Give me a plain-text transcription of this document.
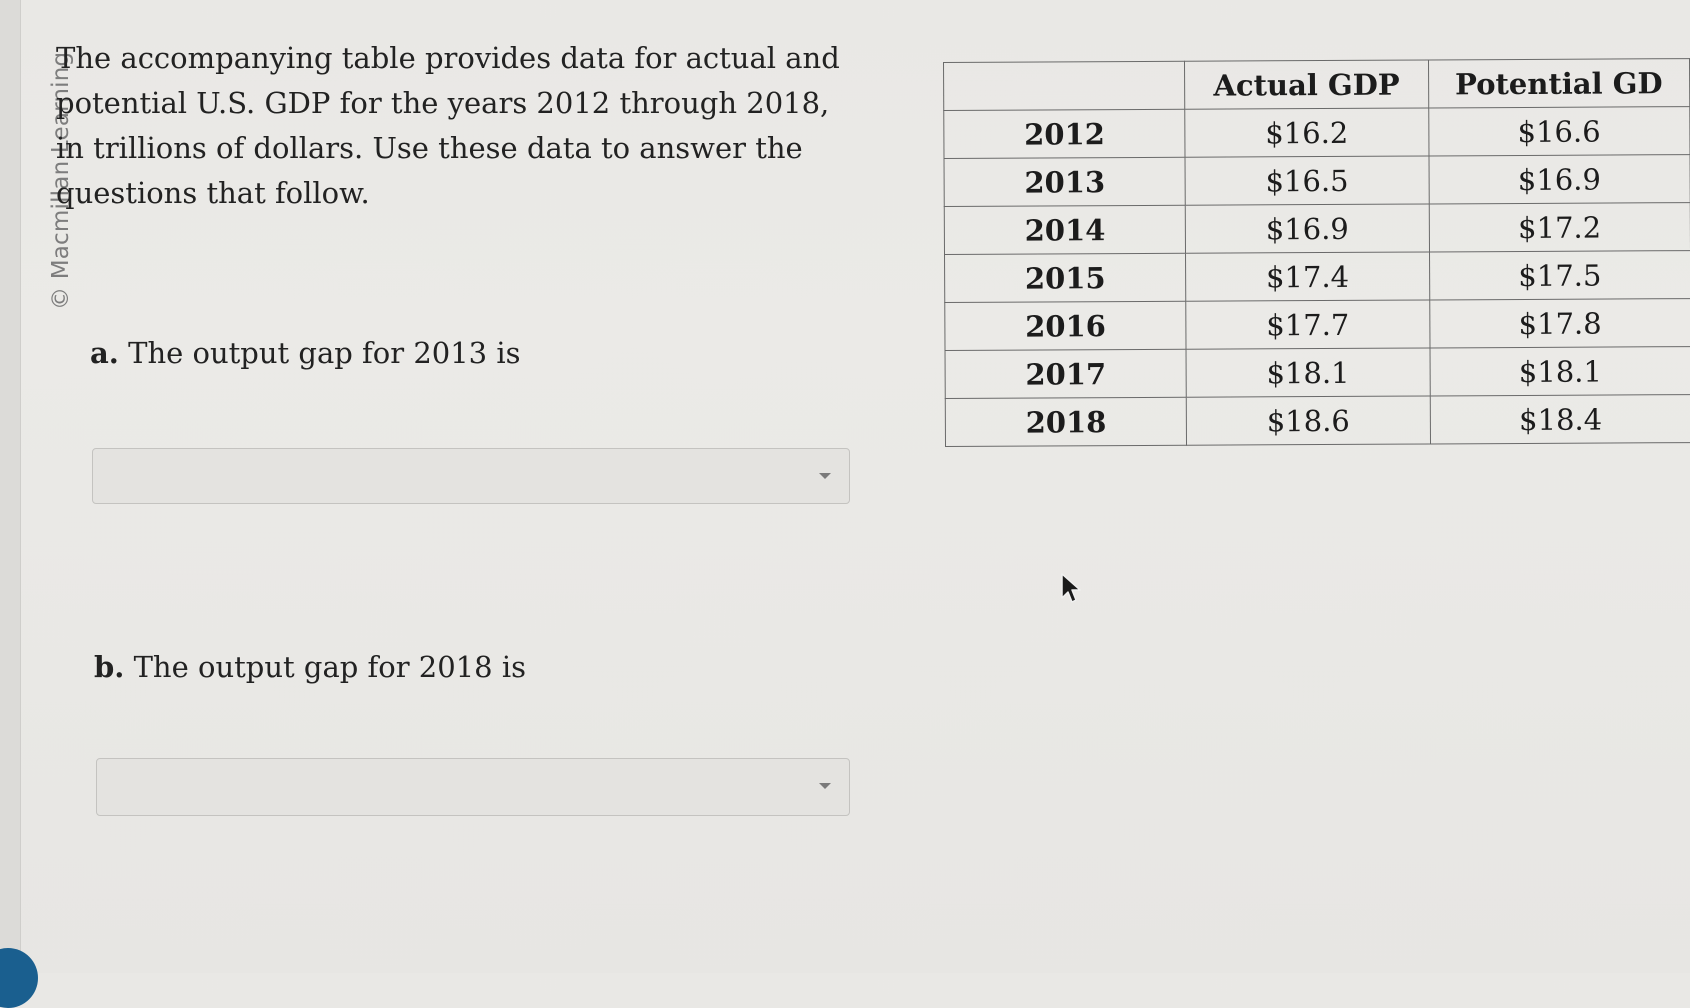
© Macmillan Learning
The accompanying table provides data for actual and potential U.S. GDP for the years 2012 through 2018, in trillions of dollars. Use these data to answer the questions that follow.
a. The output gap for 2013 is
b. The output gap for 2018 is
	Actual GDP	Potential GD
2012	$16.2	$16.6
2013	$16.5	$16.9
2014	$16.9	$17.2
2015	$17.4	$17.5
2016	$17.7	$17.8
2017	$18.1	$18.1
2018	$18.6	$18.4
